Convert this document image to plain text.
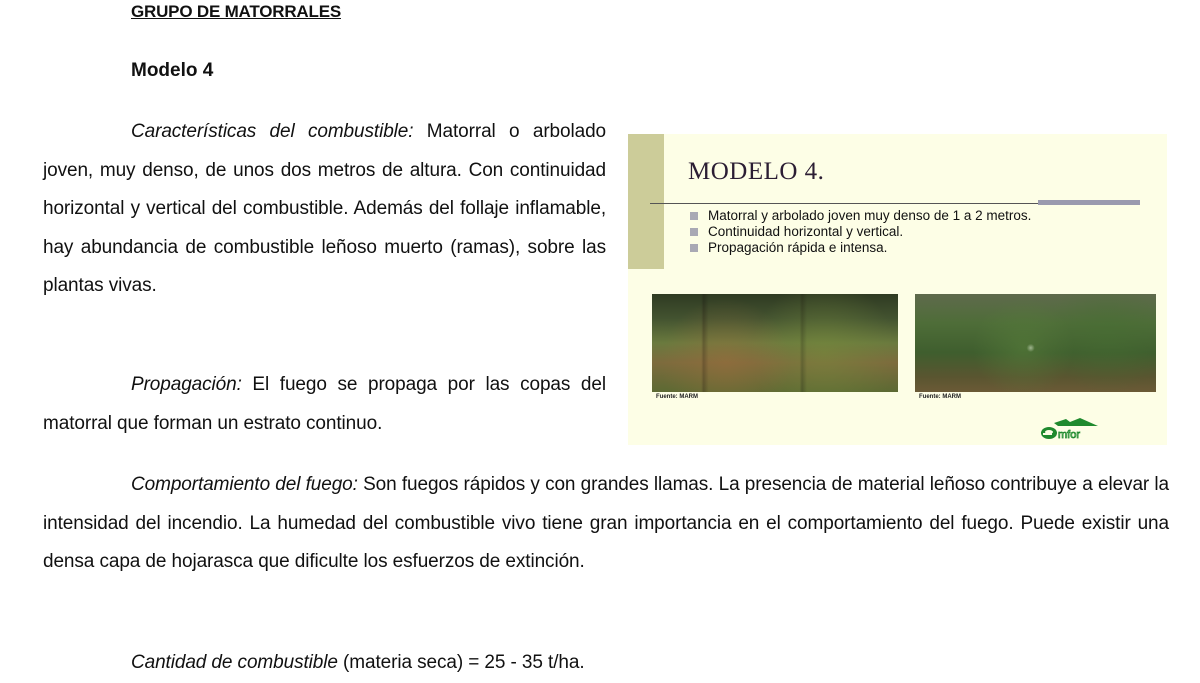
GRUPO DE MATORRALES
Modelo 4
Características del combustible: Matorral o arbolado joven, muy denso, de unos dos metros de altura. Con continuidad horizontal y vertical del combustible. Además del follaje inflamable, hay abundancia de combustible leñoso muerto (ramas), sobre las plantas vivas.
Propagación: El fuego se propaga por las copas del matorral que forman un estrato continuo.
MODELO 4.
Matorral y arbolado joven muy denso de 1 a 2 metros.
Continuidad horizontal y vertical.
Propagación rápida e intensa.
Fuente: MARM	Fuente: MARM
mfor
Comportamiento del fuego: Son fuegos rápidos y con grandes llamas. La presencia de material leñoso contribuye a elevar la intensidad del incendio. La humedad del combustible vivo tiene gran importancia en el comportamiento del fuego. Puede existir una densa capa de hojarasca que dificulte los esfuerzos de extinción.
Cantidad de combustible (materia seca) = 25 - 35 t/ha.
